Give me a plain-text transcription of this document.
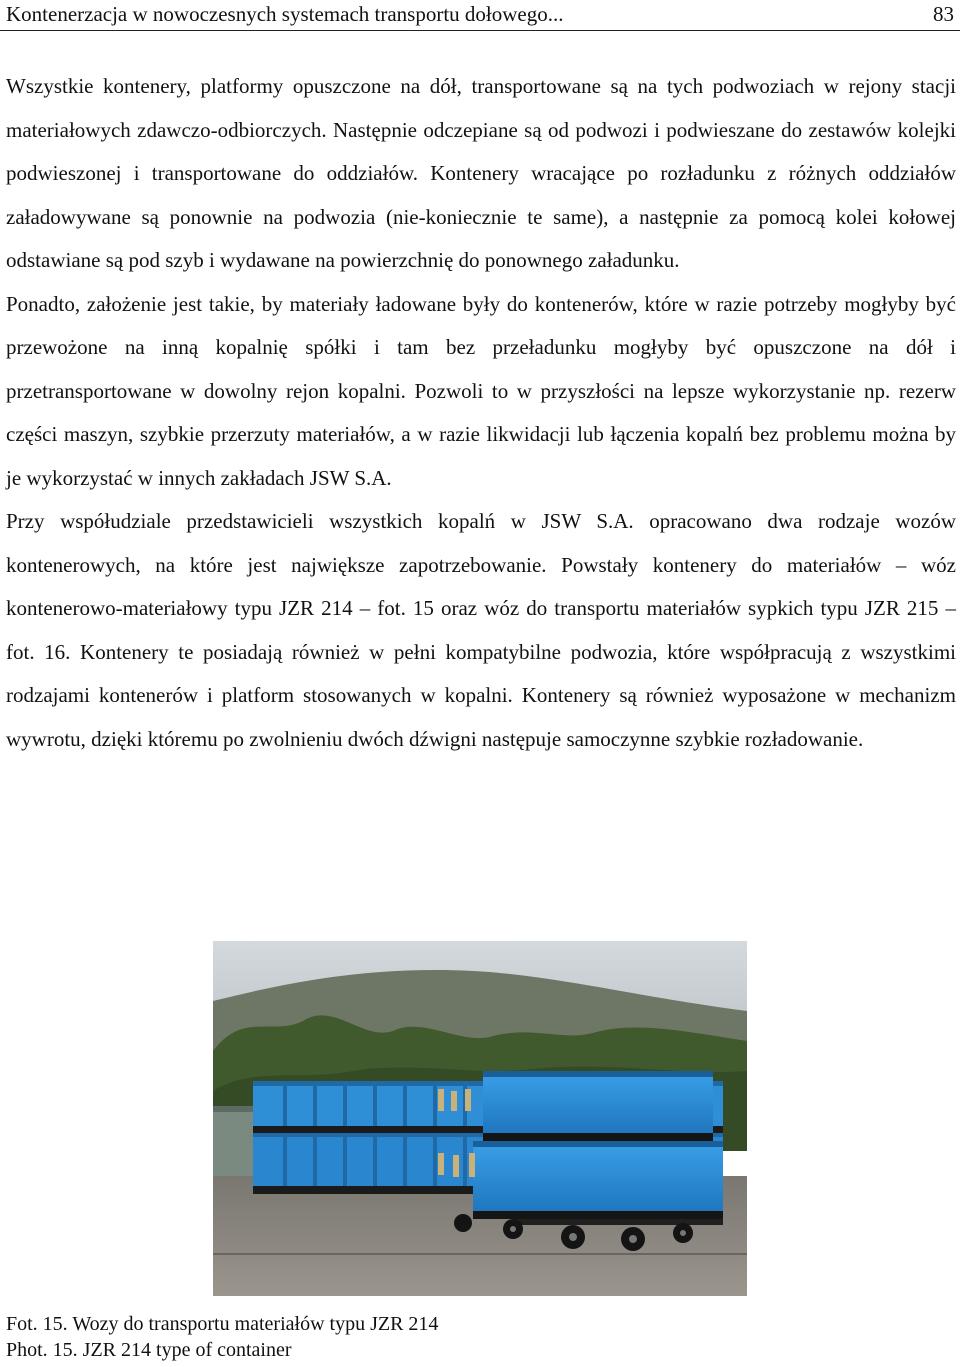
Kontenerzacja w nowoczesnych systemach transportu dołowego...	83

Wszystkie kontenery, platformy opuszczone na dół, transportowane są na tych podwoziach w rejony stacji materiałowych zdawczo-odbiorczych. Następnie odczepiane są od podwozi i podwieszane do zestawów kolejki podwieszonej i transportowane do oddziałów. Kontenery wracające po rozładunku z różnych oddziałów załadowywane są ponownie na podwozia (nie-koniecznie te same), a następnie za pomocą kolei kołowej odstawiane są pod szyb i wydawane na powierzchnię do ponownego załadunku.

Ponadto, założenie jest takie, by materiały ładowane były do kontenerów, które w razie potrzeby mogłyby być przewożone na inną kopalnię spółki i tam bez przeładunku mogłyby być opuszczone na dół i przetransportowane w dowolny rejon kopalni. Pozwoli to w przyszłości na lepsze wykorzystanie np. rezerw części maszyn, szybkie przerzuty materiałów, a w razie likwidacji lub łączenia kopalń bez problemu można by je wykorzystać w innych zakładach JSW S.A.

Przy współudziale przedstawicieli wszystkich kopalń w JSW S.A. opracowano dwa rodzaje wozów kontenerowych, na które jest największe zapotrzebowanie. Powstały kontenery do materiałów – wóz kontenerowo-materiałowy typu JZR 214 – fot. 15 oraz wóz do transportu materiałów sypkich typu JZR 215 – fot. 16. Kontenery te posiadają również w pełni kompatybilne podwozia, które współpracują z wszystkimi rodzajami kontenerów i platform stosowanych w kopalni. Kontenery są również wyposażone w mechanizm wywrotu, dzięki któremu po zwolnieniu dwóch dźwigni następuje samoczynne szybkie rozładowanie.

Fot. 15. Wozy do transportu materiałów typu JZR 214
Phot. 15. JZR 214 type of container
